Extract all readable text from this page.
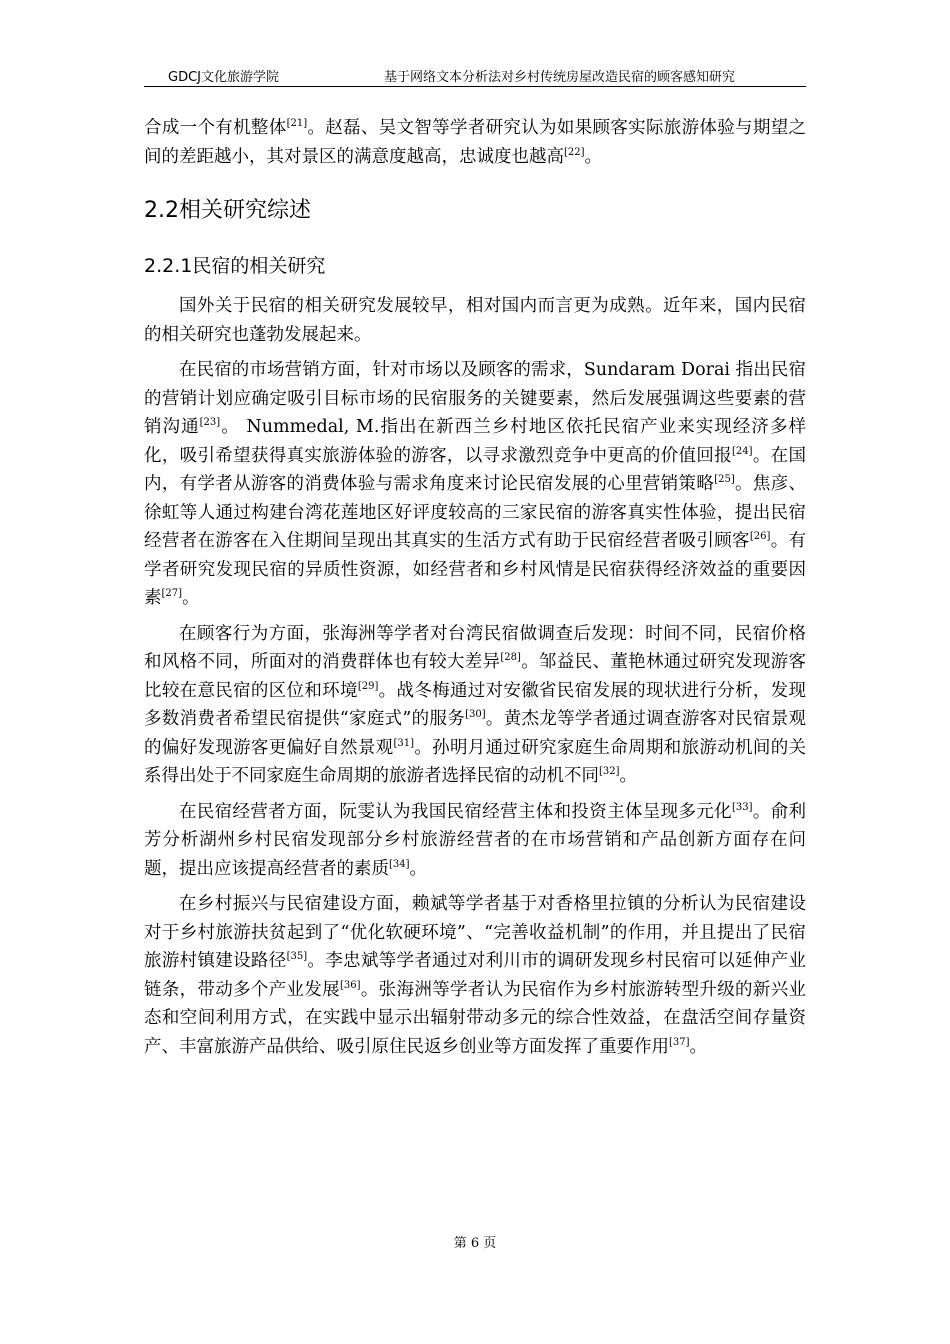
GDCJ文化旅游学院	基于网络文本分析法对乡村传统房屋改造民宿的顾客感知研究

合成一个有机整体[21]。赵磊、吴文智等学者研究认为如果顾客实际旅游体验与期望之间的差距越小，其对景区的满意度越高，忠诚度也越高[22]。

2.2相关研究综述
2.2.1民宿的相关研究

国外关于民宿的相关研究发展较早，相对国内而言更为成熟。近年来，国内民宿的相关研究也蓬勃发展起来。

在民宿的市场营销方面，针对市场以及顾客的需求，Sundaram Dorai 指出民宿的营销计划应确定吸引目标市场的民宿服务的关键要素，然后发展强调这些要素的营销沟通[23]。 Nummedal, M.指出在新西兰乡村地区依托民宿产业来实现经济多样化，吸引希望获得真实旅游体验的游客，以寻求激烈竞争中更高的价值回报[24]。在国内，有学者从游客的消费体验与需求角度来讨论民宿发展的心里营销策略[25]。焦彦、徐虹等人通过构建台湾花莲地区好评度较高的三家民宿的游客真实性体验，提出民宿经营者在游客在入住期间呈现出其真实的生活方式有助于民宿经营者吸引顾客[26]。有学者研究发现民宿的异质性资源，如经营者和乡村风情是民宿获得经济效益的重要因素[27]。

在顾客行为方面，张海洲等学者对台湾民宿做调查后发现：时间不同，民宿价格和风格不同，所面对的消费群体也有较大差异[28]。邹益民、董艳林通过研究发现游客比较在意民宿的区位和环境[29]。战冬梅通过对安徽省民宿发展的现状进行分析，发现多数消费者希望民宿提供“家庭式”的服务[30]。黄杰龙等学者通过调查游客对民宿景观的偏好发现游客更偏好自然景观[31]。孙明月通过研究家庭生命周期和旅游动机间的关系得出处于不同家庭生命周期的旅游者选择民宿的动机不同[32]。

在民宿经营者方面，阮雯认为我国民宿经营主体和投资主体呈现多元化[33]。俞利芳分析湖州乡村民宿发现部分乡村旅游经营者的在市场营销和产品创新方面存在问题，提出应该提高经营者的素质[34]。

在乡村振兴与民宿建设方面，赖斌等学者基于对香格里拉镇的分析认为民宿建设对于乡村旅游扶贫起到了“优化软硬环境”、“完善收益机制”的作用，并且提出了民宿旅游村镇建设路径[35]。李忠斌等学者通过对利川市的调研发现乡村民宿可以延伸产业链条，带动多个产业发展[36]。张海洲等学者认为民宿作为乡村旅游转型升级的新兴业态和空间利用方式，在实践中显示出辐射带动多元的综合性效益，在盘活空间存量资产、丰富旅游产品供给、吸引原住民返乡创业等方面发挥了重要作用[37]。

第 6 页
